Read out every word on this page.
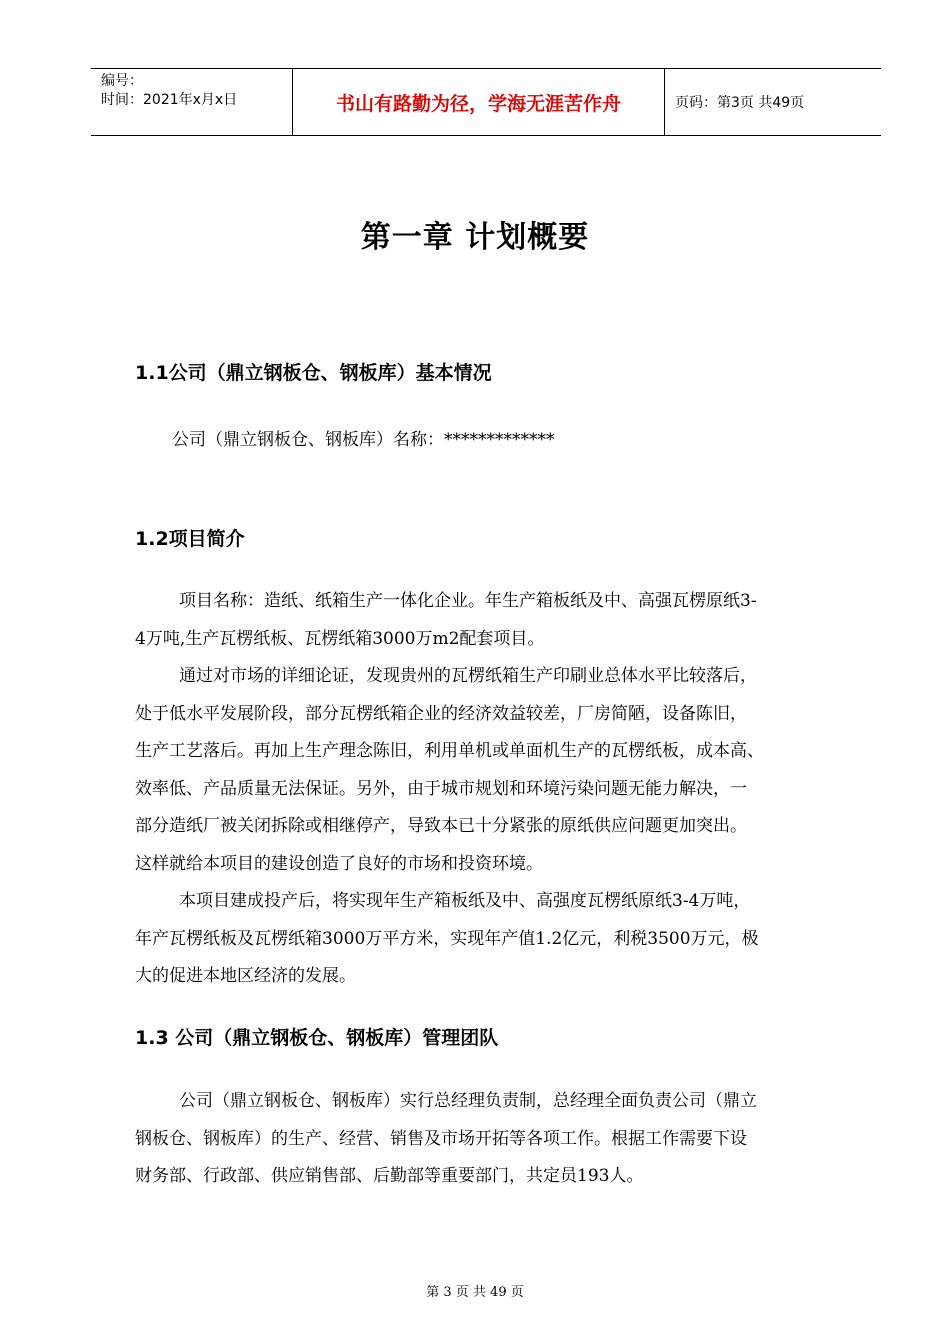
编号：
时间：2021年x月x日	书山有路勤为径，学海无涯苦作舟	页码：第3页 共49页
第一章 计划概要
1.1公司（鼎立钢板仓、钢板库）基本情况
公司（鼎立钢板仓、钢板库）名称：*************
1.2项目简介
项目名称：造纸、纸箱生产一体化企业。年生产箱板纸及中、高强瓦楞原纸3-
4万吨,生产瓦楞纸板、瓦楞纸箱3000万m2配套项目。
通过对市场的详细论证，发现贵州的瓦楞纸箱生产印刷业总体水平比较落后，
处于低水平发展阶段，部分瓦楞纸箱企业的经济效益较差，厂房简陋，设备陈旧，
生产工艺落后。再加上生产理念陈旧，利用单机或单面机生产的瓦楞纸板，成本高、
效率低、产品质量无法保证。另外，由于城市规划和环境污染问题无能力解决，一
部分造纸厂被关闭拆除或相继停产，导致本已十分紧张的原纸供应问题更加突出。
这样就给本项目的建设创造了良好的市场和投资环境。
本项目建成投产后，将实现年生产箱板纸及中、高强度瓦楞纸原纸3-4万吨，
年产瓦楞纸板及瓦楞纸箱3000万平方米，实现年产值1.2亿元，利税3500万元，极
大的促进本地区经济的发展。
1.3 公司（鼎立钢板仓、钢板库）管理团队
公司（鼎立钢板仓、钢板库）实行总经理负责制，总经理全面负责公司（鼎立
钢板仓、钢板库）的生产、经营、销售及市场开拓等各项工作。根据工作需要下设
财务部、行政部、供应销售部、后勤部等重要部门，共定员193人。
第 3 页 共 49 页
